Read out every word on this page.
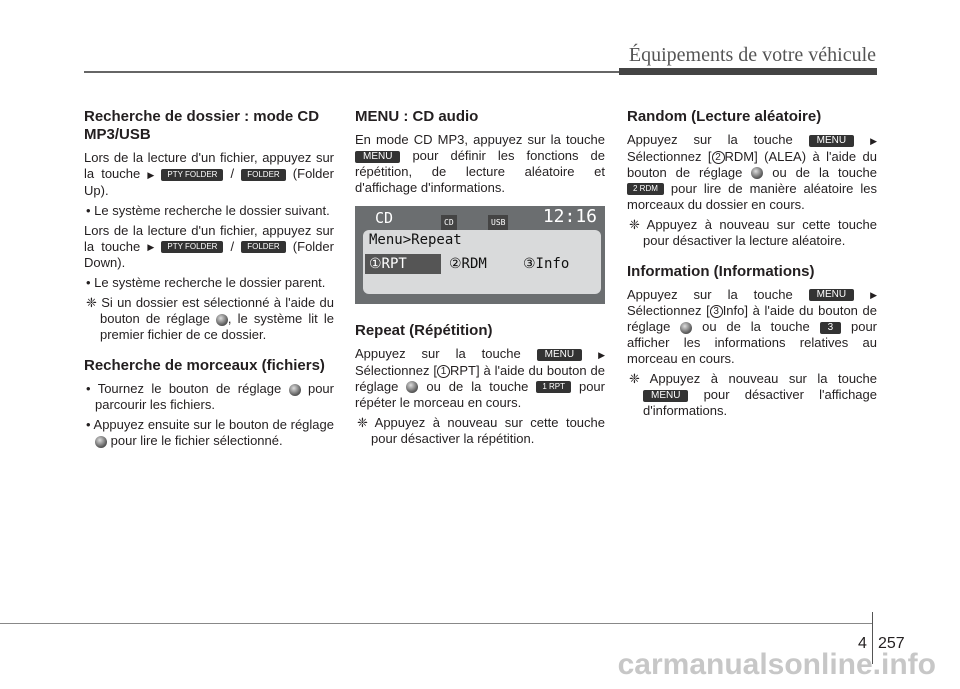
Équipements de votre véhicule
Recherche de dossier : mode CD MP3/USB

Lors de la lecture d'un fichier, appuyez sur la touche ▶ PTY FOLDER / FOLDER (Folder Up).

• Le système recherche le dossier suivant.

Lors de la lecture d'un fichier, appuyez sur la touche ▶ PTY FOLDER / FOLDER (Folder Down).

• Le système recherche le dossier parent.

❈ Si un dossier est sélectionné à l'aide du bouton de réglage , le système lit le premier fichier de ce dossier.

Recherche de morceaux (fichiers)

• Tournez le bouton de réglage pour parcourir les fichiers.

• Appuyez ensuite sur le bouton de réglage  pour lire le fichier sélectionné.

MENU : CD audio

En mode CD MP3, appuyez sur la touche MENU pour définir les fonctions de répétition, de lecture aléatoire et d'affichage d'informations.

CD	CD	USB 12:16
Menu>Repeat
①RPT	②RDM	③Info
Repeat (Répétition)

Appuyez sur la touche MENU	▶ Sélectionnez [ 1 RPT] à l'aide du bouton de réglage ou de la touche 1 RPT pour répéter le morceau en cours.

❈ Appuyez à nouveau sur cette touche pour désactiver la répétition.

Random (Lecture aléatoire)

Appuyez sur la touche MENU	▶ Sélectionnez [ 2 RDM] (ALEA) à l'aide du bouton de réglage ou de la touche 2 RDM pour lire de manière aléatoire les morceaux du dossier en cours.

❈ Appuyez à nouveau sur cette touche pour désactiver la lecture aléatoire.

Information (Informations)

Appuyez sur la touche MENU	▶ Sélectionnez [ 3 Info] à l'aide du bouton de réglage ou de la touche 3 pour afficher les informations relatives au morceau en cours.

❈ Appuyez à nouveau sur la touche MENU pour désactiver l'affichage d'informations.

4 257
carmanualsonline.info
